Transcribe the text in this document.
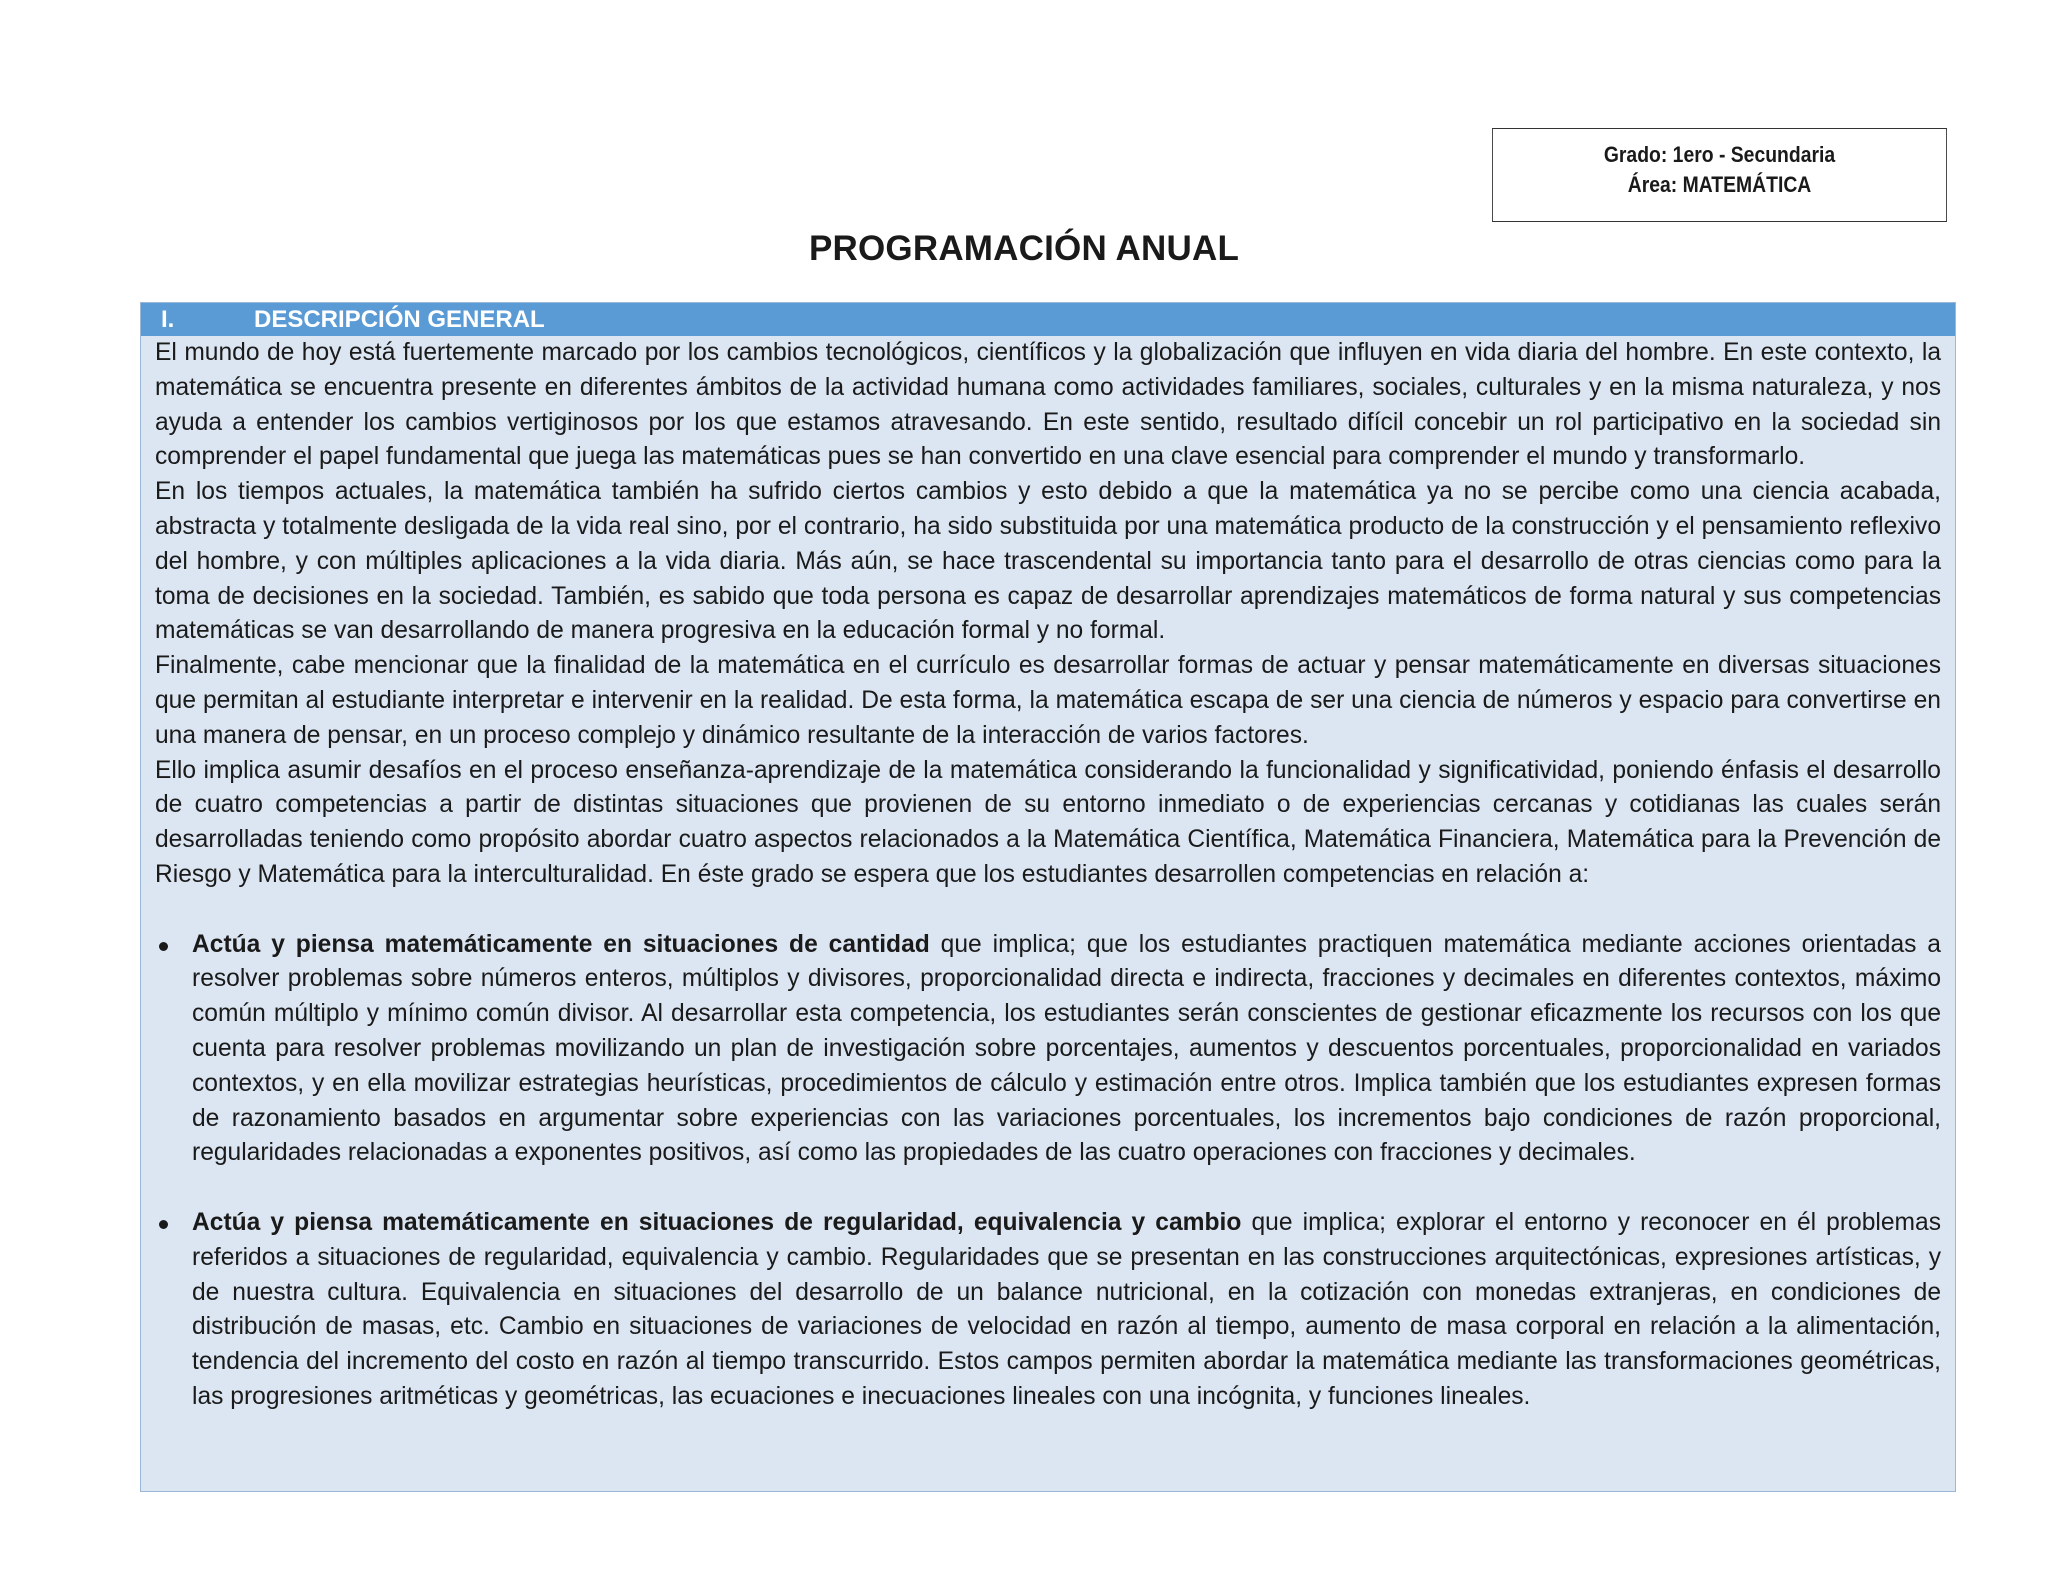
Grado: 1ero - Secundaria
Área: MATEMÁTICA
PROGRAMACIÓN ANUAL
I.	DESCRIPCIÓN GENERAL

El mundo de hoy está fuertemente marcado por los cambios tecnológicos, científicos y la globalización que influyen en vida diaria del hombre. En este contexto, la matemática se encuentra presente en diferentes ámbitos de la actividad humana como actividades familiares, sociales, culturales y en la misma naturaleza, y nos ayuda a entender los cambios vertiginosos por los que estamos atravesando. En este sentido, resultado difícil concebir un rol participativo en la sociedad sin comprender el papel fundamental que juega las matemáticas pues se han convertido en una clave esencial para comprender el mundo y transformarlo.

En los tiempos actuales, la matemática también ha sufrido ciertos cambios y esto debido a que la matemática ya no se percibe como una ciencia acabada, abstracta y totalmente desligada de la vida real sino, por el contrario, ha sido substituida por una matemática producto de la construcción y el pensamiento reflexivo del hombre, y con múltiples aplicaciones a la vida diaria. Más aún, se hace trascendental su importancia tanto para el desarrollo de otras ciencias como para la toma de decisiones en la sociedad. También, es sabido que toda persona es capaz de desarrollar aprendizajes matemáticos de forma natural y sus competencias matemáticas se van desarrollando de manera progresiva en la educación formal y no formal.

Finalmente, cabe mencionar que la finalidad de la matemática en el currículo es desarrollar formas de actuar y pensar matemáticamente en diversas situaciones que permitan al estudiante interpretar e intervenir en la realidad. De esta forma, la matemática escapa de ser una ciencia de números y espacio para convertirse en una manera de pensar, en un proceso complejo y dinámico resultante de la interacción de varios factores.

Ello implica asumir desafíos en el proceso enseñanza-aprendizaje de la matemática considerando la funcionalidad y significatividad, poniendo énfasis el desarrollo de cuatro competencias a partir de distintas situaciones que provienen de su entorno inmediato o de experiencias cercanas y cotidianas las cuales serán desarrolladas teniendo como propósito abordar cuatro aspectos relacionados a la Matemática Científica, Matemática Financiera, Matemática para la Prevención de Riesgo y Matemática para la interculturalidad. En éste grado se espera que los estudiantes desarrollen competencias en relación a:

Actúa y piensa matemáticamente en situaciones de cantidad que implica; que los estudiantes practiquen matemática mediante acciones orientadas a resolver problemas sobre números enteros, múltiplos y divisores, proporcionalidad directa e indirecta, fracciones y decimales en diferentes contextos, máximo común múltiplo y mínimo común divisor. Al desarrollar esta competencia, los estudiantes serán conscientes de gestionar eficazmente los recursos con los que cuenta para resolver problemas movilizando un plan de investigación sobre porcentajes, aumentos y descuentos porcentuales, proporcionalidad en variados contextos, y en ella movilizar estrategias heurísticas, procedimientos de cálculo y estimación entre otros. Implica también que los estudiantes expresen formas de razonamiento basados en argumentar sobre experiencias con las variaciones porcentuales, los incrementos bajo condiciones de razón proporcional, regularidades relacionadas a exponentes positivos, así como las propiedades de las cuatro operaciones con fracciones y decimales.

Actúa y piensa matemáticamente en situaciones de regularidad, equivalencia y cambio que implica; explorar el entorno y reconocer en él problemas referidos a situaciones de regularidad, equivalencia y cambio. Regularidades que se presentan en las construcciones arquitectónicas, expresiones artísticas, y de nuestra cultura. Equivalencia en situaciones del desarrollo de un balance nutricional, en la cotización con monedas extranjeras, en condiciones de distribución de masas, etc. Cambio en situaciones de variaciones de velocidad en razón al tiempo, aumento de masa corporal en relación a la alimentación, tendencia del incremento del costo en razón al tiempo transcurrido. Estos campos permiten abordar la matemática mediante las transformaciones geométricas, las progresiones aritméticas y geométricas, las ecuaciones e inecuaciones lineales con una incógnita, y funciones lineales.
